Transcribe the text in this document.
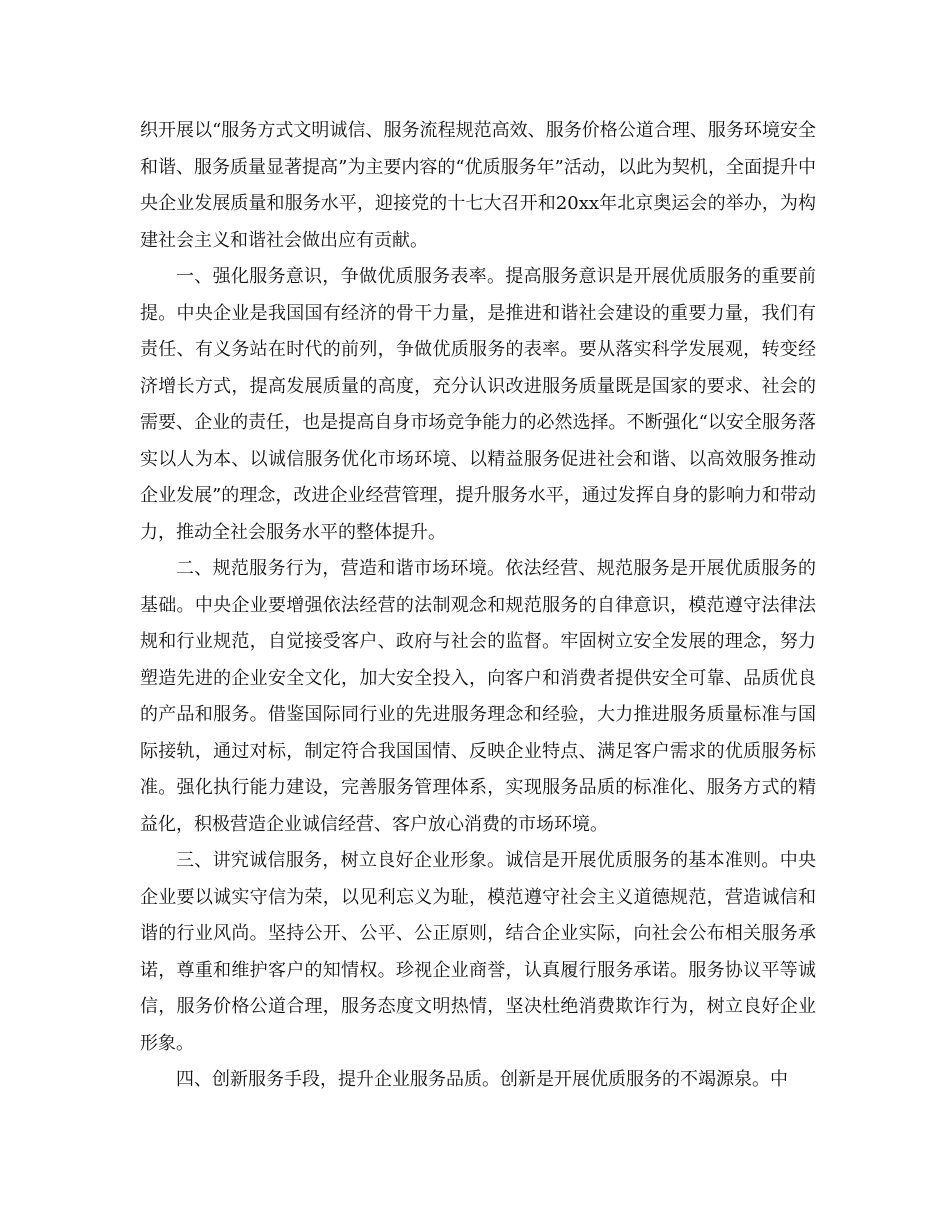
织开展以“服务方式文明诚信、服务流程规范高效、服务价格公道合理、服务环境安全和谐、服务质量显著提高”为主要内容的“优质服务年”活动，以此为契机，全面提升中央企业发展质量和服务水平，迎接党的十七大召开和20xx年北京奥运会的举办，为构建社会主义和谐社会做出应有贡献。

一、强化服务意识，争做优质服务表率。提高服务意识是开展优质服务的重要前提。中央企业是我国国有经济的骨干力量，是推进和谐社会建设的重要力量，我们有责任、有义务站在时代的前列，争做优质服务的表率。要从落实科学发展观，转变经济增长方式，提高发展质量的高度，充分认识改进服务质量既是国家的要求、社会的需要、企业的责任，也是提高自身市场竞争能力的必然选择。不断强化“以安全服务落实以人为本、以诚信服务优化市场环境、以精益服务促进社会和谐、以高效服务推动企业发展”的理念，改进企业经营管理，提升服务水平，通过发挥自身的影响力和带动力，推动全社会服务水平的整体提升。

二、规范服务行为，营造和谐市场环境。依法经营、规范服务是开展优质服务的基础。中央企业要增强依法经营的法制观念和规范服务的自律意识，模范遵守法律法规和行业规范，自觉接受客户、政府与社会的监督。牢固树立安全发展的理念，努力塑造先进的企业安全文化，加大安全投入，向客户和消费者提供安全可靠、品质优良的产品和服务。借鉴国际同行业的先进服务理念和经验，大力推进服务质量标准与国际接轨，通过对标，制定符合我国国情、反映企业特点、满足客户需求的优质服务标准。强化执行能力建设，完善服务管理体系，实现服务品质的标准化、服务方式的精益化，积极营造企业诚信经营、客户放心消费的市场环境。

三、讲究诚信服务，树立良好企业形象。诚信是开展优质服务的基本准则。中央企业要以诚实守信为荣，以见利忘义为耻，模范遵守社会主义道德规范，营造诚信和谐的行业风尚。坚持公开、公平、公正原则，结合企业实际，向社会公布相关服务承诺，尊重和维护客户的知情权。珍视企业商誉，认真履行服务承诺。服务协议平等诚信，服务价格公道合理，服务态度文明热情，坚决杜绝消费欺诈行为，树立良好企业形象。

四、创新服务手段，提升企业服务品质。创新是开展优质服务的不竭源泉。中
